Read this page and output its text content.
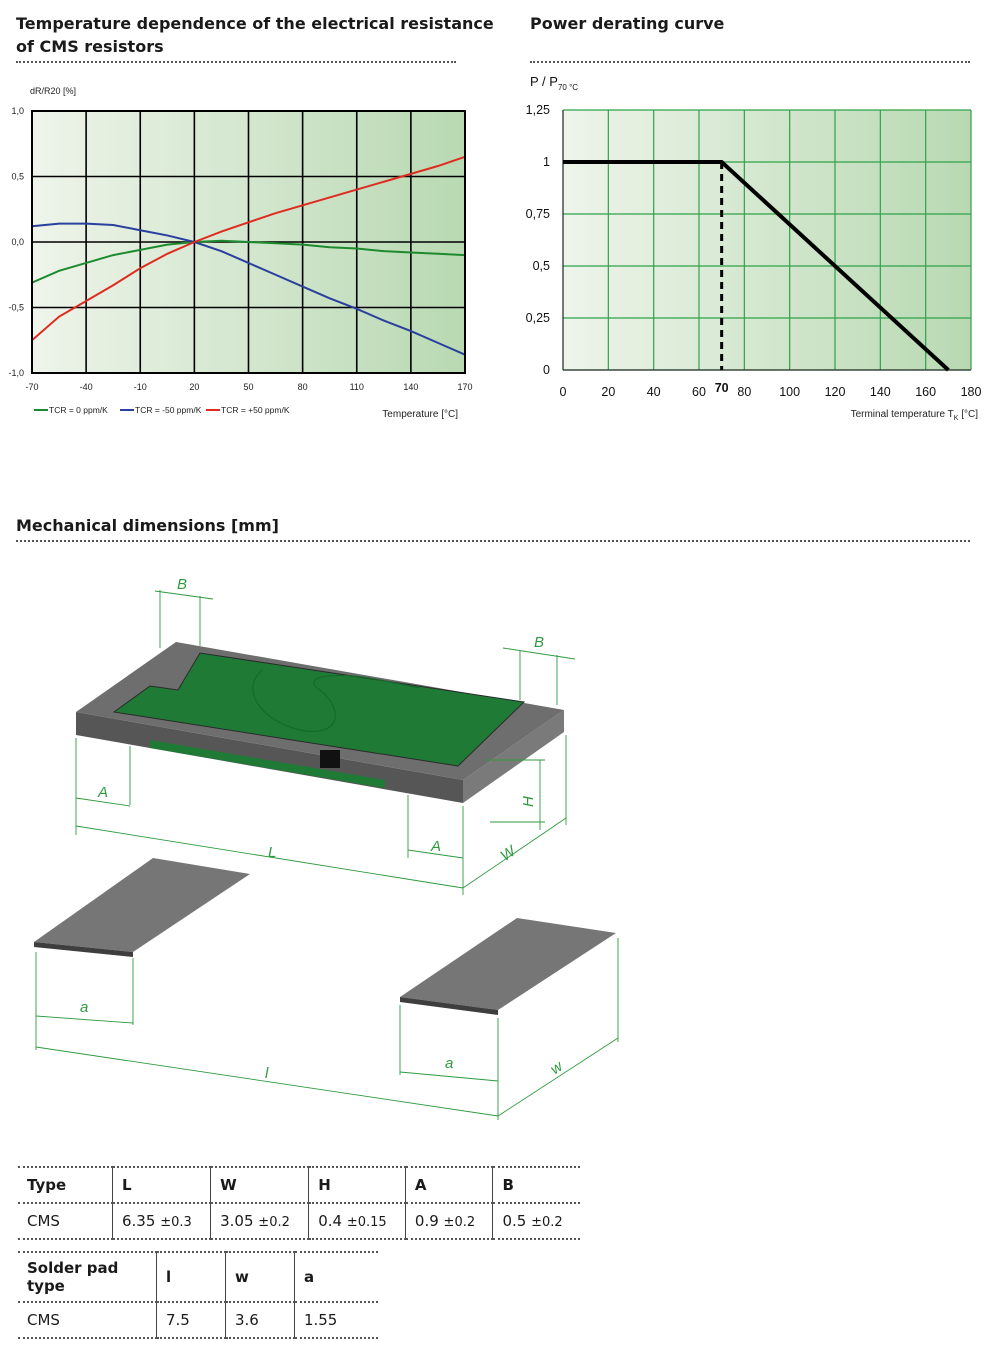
Temperature dependence of the electrical resistance
of CMS resistors
Power derating curve
Mechanical dimensions [mm]
-70	-40	-10	20	50	80	110	140	170
1,0
0,5
0,0
-0,5
-1,0
dR/R20 [%]
Temperature [°C]
TCR = 0 ppm/K	TCR = -50 ppm/K TCR = +50 ppm/K
0	20	40	60	80 100 120 140 160 180
70
0
0,25
0,5
0,75
1
1,25
P / $P_{70 ^\circ C}$
Terminal temperature $T_K$ [°C]
B
B
A
A
L
H
W
a
l
a	w
Type	L	W	H	A	B
CMS	6.35 ±0.3	3.05 ±0.2	0.4 ±0.15	0.9 ±0.2	0.5 ±0.2
Solder pad type	l	w	a
CMS	7.5	3.6	1.55
